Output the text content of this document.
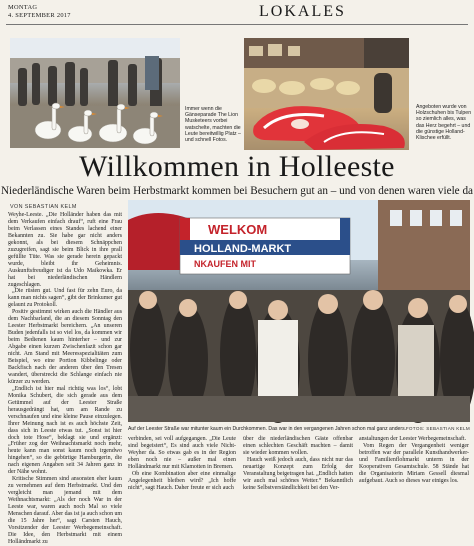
MONTAG
4. SEPTEMBER 2017	LOKALES
Immer wenn die Gänseparade The Lion Musketeers vorbei watschelte, machten die Leute bereitwillig Platz – und schnell Fotos.
Angeboten wurde von Holzschuhen bis Tulpen so ziemlich alles, was das Herz begehrt – und die günstige Holland-Klischee erfüllt.
Willkommen in Holleeste
Niederländische Waren beim Herbstmarkt kommen bei Besuchern gut an – und von denen waren viele da
VON SEBASTIAN KELM

Weyhe-Leeste. „Die Holländer haben das mit dem Verkaufen einfach drauf“, ruft eine Frau beim Verlassen eines Standes lachend einer Bekannten zu. Sie habe gar nicht anders gekonnt, als bei diesem Schnäppchen zuzugreifen, sagt sie beim Blick in ihre prall gefüllte Tüte. Was sie gerade herein gepackt wurde, bleibt ihr Geheimnis. Auskunftsfreudiger ist da Udo Maikowka. Er hat bei niederländischen Händlern zugeschlagen.

„Die rüsten gut. Und fast für zehn Euro, da kann man nichts sagen“, gibt der Brinkumer gut gelaunt zu Protokoll.

Positiv gestimmt wirken auch die Händler aus dem Nachbarland, die an diesem Sonntag den Leester Herbstmarkt bereichern. „An unseren Buden jedenfalls ist so viel los, da kommen wir beim Bedienen kaum hinterher – und zur Abgabe einen kurzen Zwischenfazit schon gar nicht. Am Stand mit Meeresspezialitäten zum Beispiel, wo eine Portion Kibbelinge oder Backfisch nach der anderen über den Tresen wandert, überstreckt die Schlange einfach nie kürzer zu werden.

„Endlich ist hier mal richtig was los“, lobt Monika Schubert, die sich gerade aus dem Getümmel auf der Leester Straße herausgedrängt hat, um am Rande zu verschnaufen und eine kleine Pause einzulegen. Ihrer Meinung nach ist es auch höchste Zeit, dass sich in Leeste etwas tut. „Sonst ist hier doch tote Hose“, beklagt sie und ergänzt: „Früher zog der Weihnachtsmarkt noch mehr, heute kann man sonst kaum noch irgendwo hingehen“, so die gebürtige Hamburgerin, die nach eigenen Angaben seit 34 Jahren ganz in der Nähe wohnt.

Kritische Stimmen sind ansonsten eher kaum zu vernehmen auf dem Herbstmarkt. Und den vergleicht man jemand mit dem Weihnachtsmarkt: „Als der noch War in der Leeste war, waren auch noch Mal so viele Menschen darauf. Aber das ist ja auch schon um die 15 Jahre her“, sagt Carsten Hauch, Vorsitzender der Leester Werbegemeinschaft. Die Idee, den Herbstmarkt mit einem Holländmarkt zu

WELKOM
HOLLAND-MARKT
NKAUFEN MIT
Auf der Leester Straße war mitunter kaum ein Durchkommen. Das war in den vergangenen Jahren schon mal ganz anders. FOTOS: SEBASTIAN KELM

verbinden, sei voll aufgegangen. „Die Leute sind begeistert“, Es sind auch viele Nicht-Weyher da. So etwas gab es in der Region eben noch nie – außer mal einen Holländmarkt nur mit Klamotten in Bremen.

Ob eine Kombination aber eine einmalige Angelegenheit bleiben wird? „Ich hoffe nicht“, sagt Hauch. Daher freute er sich auch

über die niederländischen Gäste offenbar einen schlechten Geschäft machten – damit sie wieder kommen wollen.

Hauch weiß jedoch auch, dass nicht nur das neuartige Konzept zum Erfolg der Veranstaltung beigetragen hat. „Endlich hatten wir auch mal schönes Wetter.“ Bekanntlich keine Selbstverständlichkeit bei den Ver-

anstaltungen der Leester Werbegemeinschaft.

Vom Regen der Vergangenheit weniger betroffen war der parallele Kunsthandwerker- und Familienflohmarkt unterm in der Kooperativen Gesamtschule. 58 Stände hat die Organisatorin Miriam Gessell diesmal aufgebaut. Auch so dieses war einiges los.
